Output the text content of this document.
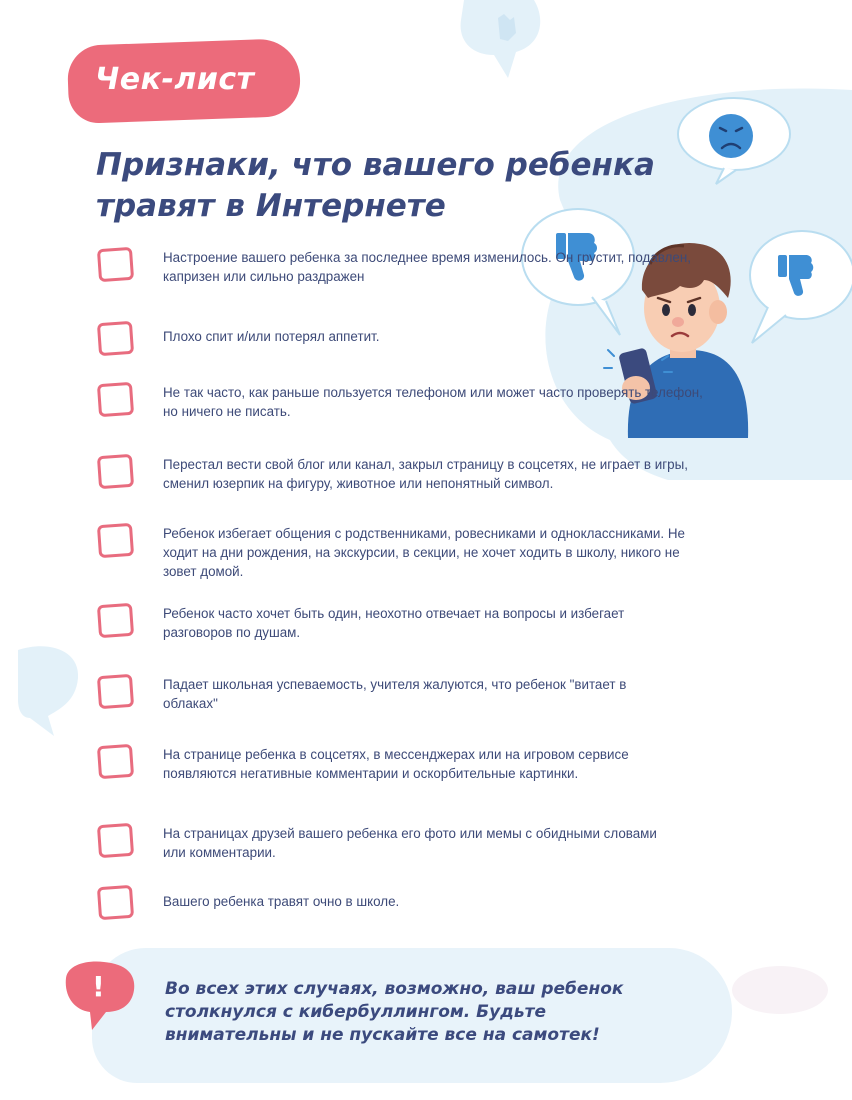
Чек-лист
Признаки, что вашего ребенка
травят в Интернете
Настроение вашего ребенка за последнее время изменилось. Он грустит, подавлен, капризен или сильно раздражен
Плохо спит и/или потерял аппетит.
Не так часто, как раньше пользуется телефоном или может часто проверять телефон, но ничего не писать.
Перестал вести свой блог или канал, закрыл страницу в соцсетях, не играет в игры, сменил юзерпик на фигуру, животное или непонятный символ.
Ребенок избегает общения с родственниками, ровесниками и одноклассниками. Не ходит на дни рождения, на экскурсии, в секции, не хочет ходить в школу, никого не зовет домой.
Ребенок часто хочет быть один, неохотно отвечает на вопросы и избегает разговоров по душам.
Падает школьная успеваемость, учителя жалуются, что ребенок "витает в облаках"
На странице ребенка в соцсетях, в мессенджерах или на игровом сервисе появляются негативные комментарии и оскорбительные картинки.
На страницах друзей вашего ребенка его фото или мемы с обидными словами или комментарии.
Вашего ребенка травят очно в школе.
!	Во всех этих случаях, возможно, ваш ребенок столкнулся с кибербуллингом. Будьте внимательны и не пускайте все на самотек!
